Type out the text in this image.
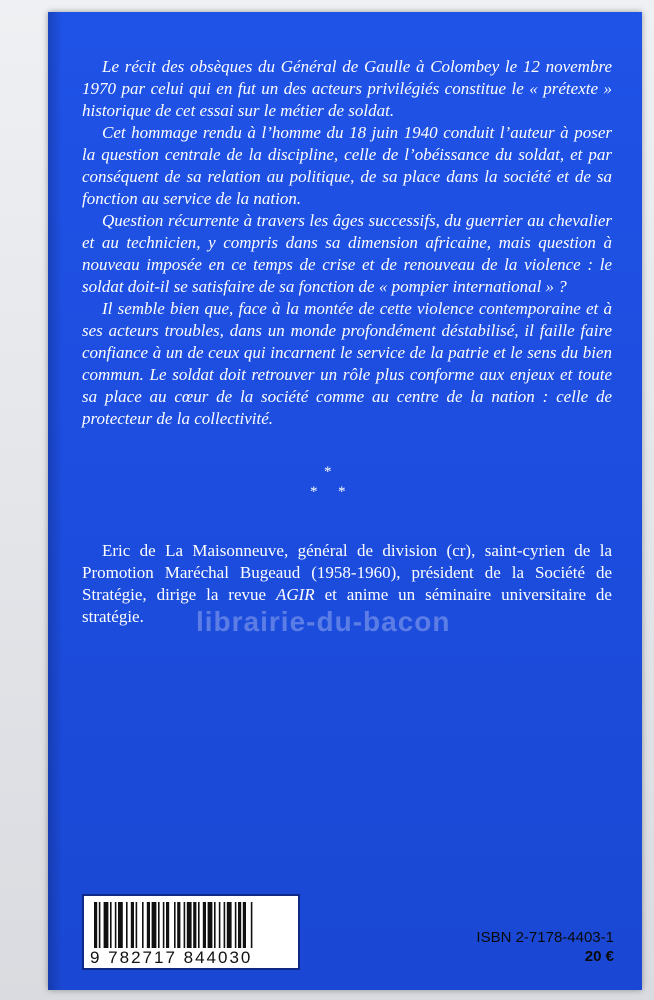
Le récit des obsèques du Général de Gaulle à Colombey le 12 novembre 1970 par celui qui en fut un des acteurs privilégiés constitue le « prétexte » historique de cet essai sur le métier de soldat.

Cet hommage rendu à l’homme du 18 juin 1940 conduit l’auteur à poser la question centrale de la discipline, celle de l’obéissance du soldat, et par conséquent de sa relation au politique, de sa place dans la société et de sa fonction au service de la nation.

Question récurrente à travers les âges successifs, du guerrier au chevalier et au technicien, y compris dans sa dimension africaine, mais question à nouveau imposée en ce temps de crise et de renouveau de la violence : le soldat doit-il se satisfaire de sa fonction de « pompier international » ?

Il semble bien que, face à la montée de cette violence contemporaine et à ses acteurs troubles, dans un monde profondément déstabilisé, il faille faire confiance à un de ceux qui incarnent le service de la patrie et le sens du bien commun. Le soldat doit retrouver un rôle plus conforme aux enjeux et toute sa place au cœur de la société comme au centre de la nation : celle de protecteur de la collectivité.

*
* *

Eric de La Maisonneuve, général de division (cr), saint-cyrien de la Promotion Maréchal Bugeaud (1958-1960), président de la Société de Stratégie, dirige la revue AGIR et anime un séminaire universitaire de stratégie.	librairie-du-bacon
9 782717 844030
ISBN 2-7178-4403-1
20 €
